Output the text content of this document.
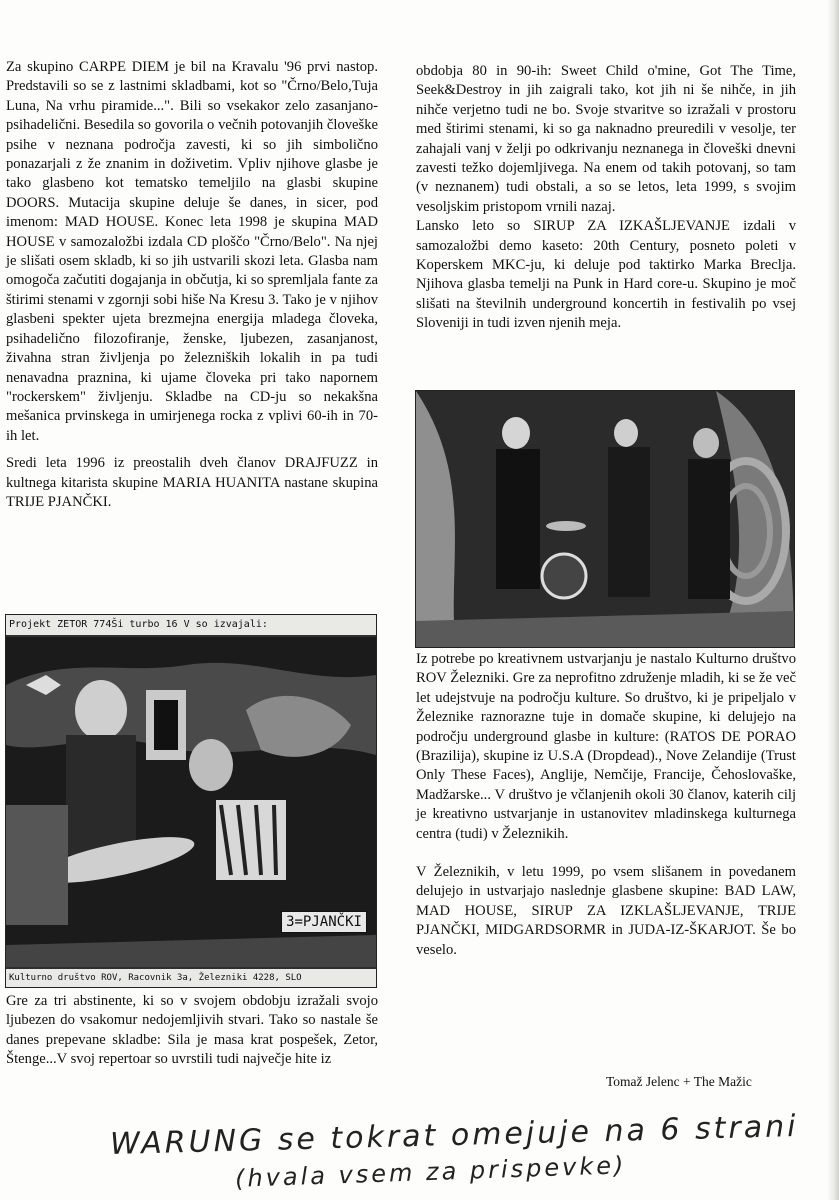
Za skupino CARPE DIEM je bil na Kravalu '96 prvi nastop. Predstavili so se z lastnimi skladbami, kot so "Črno/Belo,Tuja Luna, Na vrhu piramide...". Bili so vsekakor zelo zasanjano-psihadelični. Besedila so govorila o večnih potovanjih človeške psihe v neznana področja zavesti, ki so jih simbolično ponazarjali z že znanim in doživetim. Vpliv njihove glasbe je tako glasbeno kot tematsko temeljilo na glasbi skupine DOORS. Mutacija skupine deluje še danes, in sicer, pod imenom: MAD HOUSE. Konec leta 1998 je skupina MAD HOUSE v samozaložbi izdala CD ploščo "Črno/Belo". Na njej je slišati osem skladb, ki so jih ustvarili skozi leta. Glasba nam omogoča začutiti dogajanja in občutja, ki so spremljala fante za štirimi stenami v zgornji sobi hiše Na Kresu 3. Tako je v njihov glasbeni spekter ujeta brezmejna energija mladega človeka, psihadelično filozofiranje, ženske, ljubezen, zasanjanost, živahna stran življenja po železniških lokalih in pa tudi nenavadna praznina, ki ujame človeka pri tako napornem "rockerskem" življenju. Skladbe na CD-ju so nekakšna mešanica prvinskega in umirjenega rocka z vplivi 60-ih in 70-ih let.

Sredi leta 1996 iz preostalih dveh članov DRAJFUZZ in kultnega kitarista skupine MARIA HUANITA nastane skupina TRIJE PJANČKI.

Projekt ZETOR 774Ši turbo 16 V so izvajali:
3=PJANČKI
Kulturno društvo ROV, Racovnik 3a, Železniki 4228, SLO

Gre za tri abstinente, ki so v svojem obdobju izražali svojo ljubezen do vsakomur nedojemljivih stvari. Tako so nastale še danes prepevane skladbe: Sila je masa krat pospešek, Zetor, Štenge...V svoj repertoar so uvrstili tudi največje hite iz

obdobja 80 in 90-ih: Sweet Child o'mine, Got The Time, Seek&Destroy in jih zaigrali tako, kot jih ni še nihče, in jih nihče verjetno tudi ne bo. Svoje stvaritve so izražali v prostoru med štirimi stenami, ki so ga naknadno preuredili v vesolje, ter zahajali vanj v želji po odkrivanju neznanega in človeški dnevni zavesti težko dojemljivega. Na enem od takih potovanj, so tam (v neznanem) tudi obstali, a so se letos, leta 1999, s svojim vesoljskim pristopom vrnili nazaj.

Lansko leto so SIRUP ZA IZKAŠLJEVANJE izdali v samozaložbi demo kaseto: 20th Century, posneto poleti v Koperskem MKC-ju, ki deluje pod taktirko Marka Breclja. Njihova glasba temelji na Punk in Hard core-u. Skupino je moč slišati na številnih underground koncertih in festivalih po vsej Sloveniji in tudi izven njenih meja.

Iz potrebe po kreativnem ustvarjanju je nastalo Kulturno društvo ROV Železniki. Gre za neprofitno združenje mladih, ki se že več let udejstvuje na področju kulture. So društvo, ki je pripeljalo v Železnike raznorazne tuje in domače skupine, ki delujejo na področju underground glasbe in kulture: (RATOS DE PORAO (Brazilija), skupine iz U.S.A (Dropdead)., Nove Zelandije (Trust Only These Faces), Anglije, Nemčije, Francije, Čehoslovaške, Madžarske... V društvo je včlanjenih okoli 30 članov, katerih cilj je kreativno ustvarjanje in ustanovitev mladinskega kulturnega centra (tudi) v Železnikih.

V Železnikih, v letu 1999, po vsem slišanem in povedanem delujejo in ustvarjajo naslednje glasbene skupine: BAD LAW, MAD HOUSE, SIRUP ZA IZKLAŠLJEVANJE, TRIJE PJANČKI, MIDGARDSORMR in JUDA-IZ-ŠKARJOT. Še bo veselo.

Tomaž Jelenc + The Mažic
WARUNG se tokrat omejuje na 6 strani
(hvala vsem za prispevke)
